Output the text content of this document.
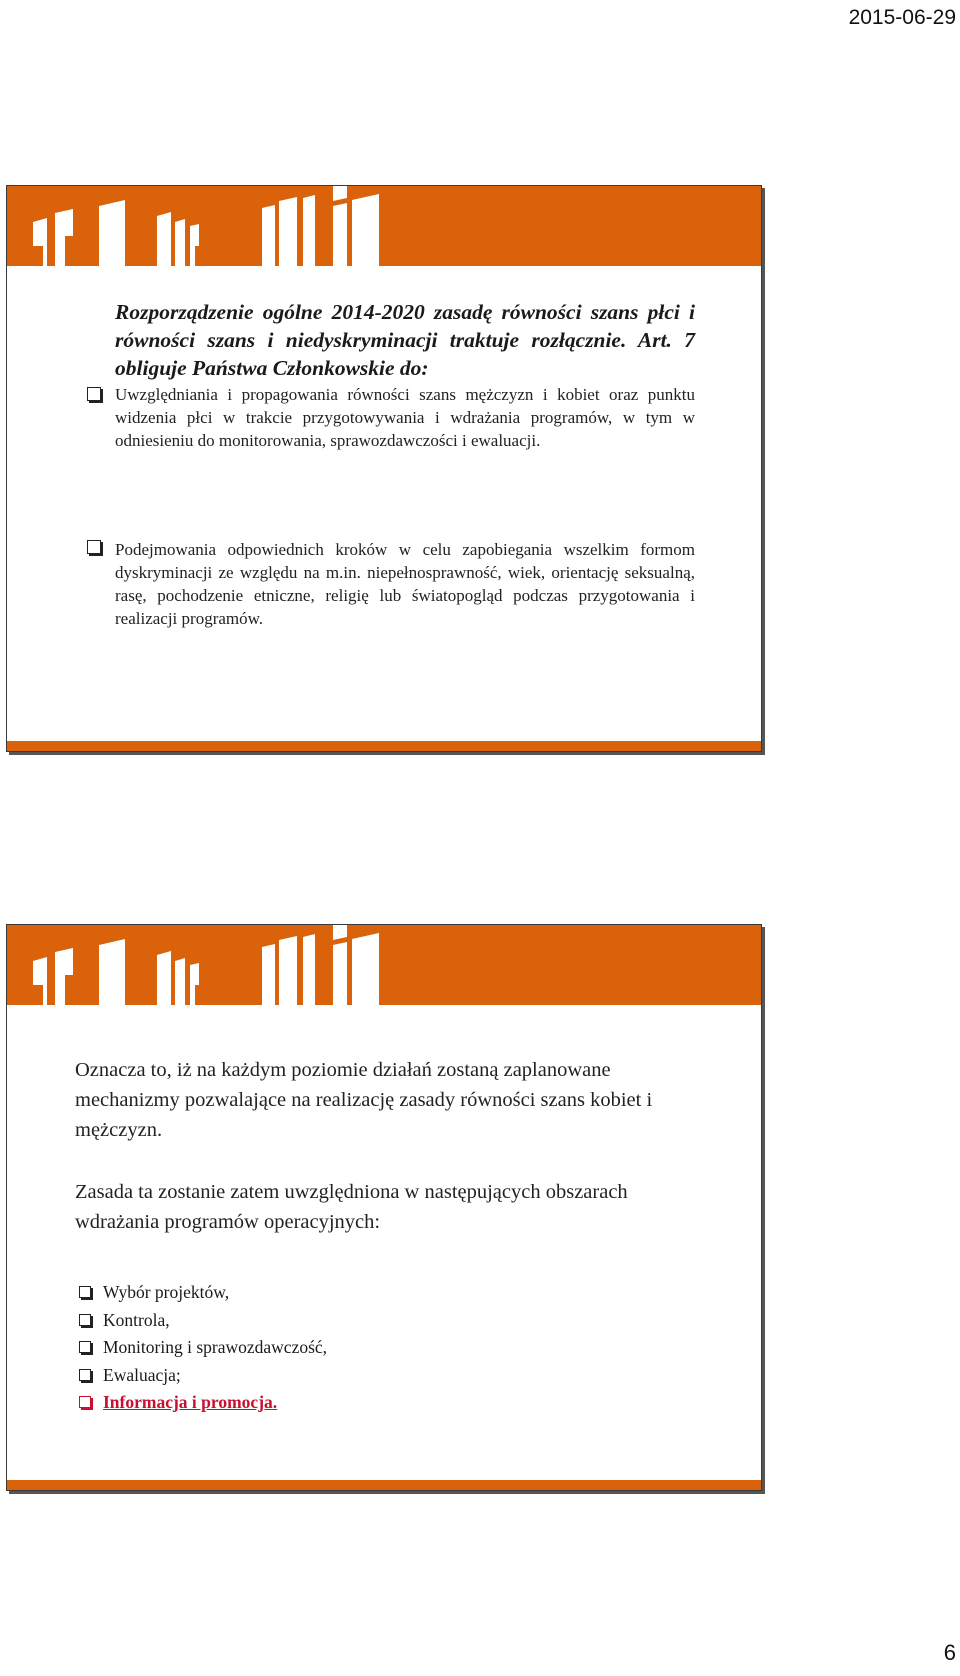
2015-06-29
Rozporządzenie ogólne 2014-2020 zasadę równości szans płci i równości szans i niedyskryminacji traktuje rozłącznie. Art. 7 obliguje Państwa Członkowskie do:
Uwzględniania i propagowania równości szans mężczyzn i kobiet oraz punktu widzenia płci w trakcie przygotowywania i wdrażania programów, w tym w odniesieniu do monitorowania, sprawozdawczości i ewaluacji.
Podejmowania odpowiednich kroków w celu zapobiegania wszelkim formom dyskryminacji ze względu na m.in. niepełnosprawność, wiek, orientację seksualną, rasę, pochodzenie etniczne, religię lub światopogląd podczas przygotowania i realizacji programów.
Oznacza to, iż na każdym poziomie działań zostaną zaplanowane mechanizmy pozwalające na realizację zasady równości szans kobiet i mężczyzn.
Zasada ta zostanie zatem uwzględniona w następujących obszarach wdrażania programów operacyjnych:
Wybór projektów,
Kontrola,
Monitoring i sprawozdawczość,
Ewaluacja;
Informacja i promocja.
6
